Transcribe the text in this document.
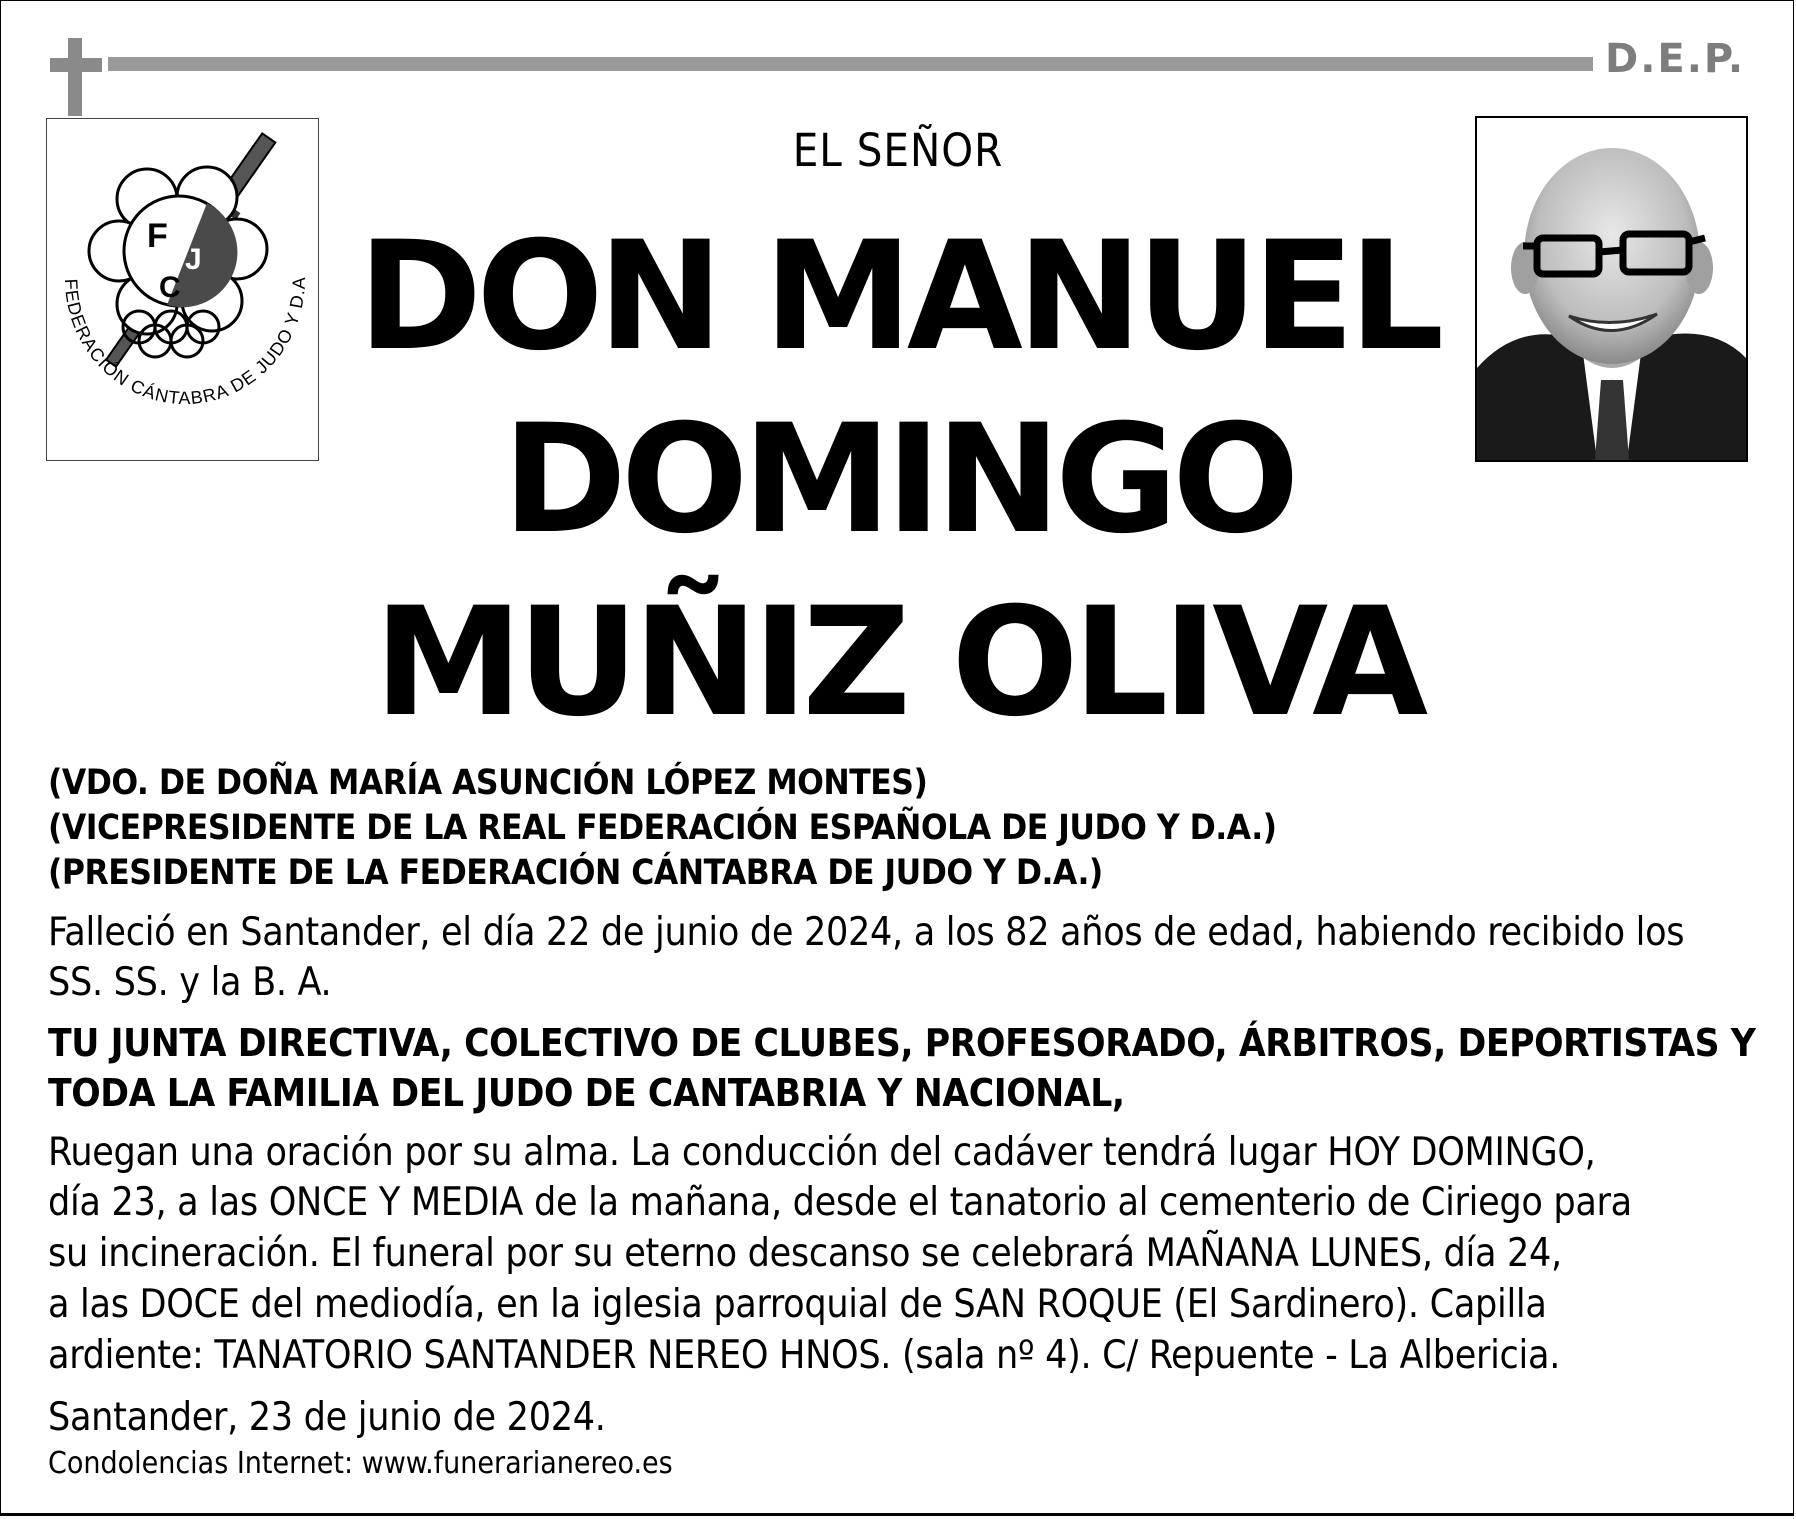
D.E.P.
F
J
C
FEDERACIÓN CÁNTABRA DE JUDO Y D.A
EL SEÑOR
DON MANUEL
DOMINGO
MUÑIZ OLIVA
(VDO. DE DOÑA MARÍA ASUNCIÓN LÓPEZ MONTES)
(VICEPRESIDENTE DE LA REAL FEDERACIÓN ESPAÑOLA DE JUDO Y D.A.)
(PRESIDENTE DE LA FEDERACIÓN CÁNTABRA DE JUDO Y D.A.)
Falleció en Santander, el día 22 de junio de 2024, a los 82 años de edad, habiendo recibido los
SS. SS. y la B. A.
TU JUNTA DIRECTIVA, COLECTIVO DE CLUBES, PROFESORADO, ÁRBITROS, DEPORTISTAS Y
TODA LA FAMILIA DEL JUDO DE CANTABRIA Y NACIONAL,
Ruegan una oración por su alma. La conducción del cadáver tendrá lugar HOY DOMINGO,
día 23, a las ONCE Y MEDIA de la mañana, desde el tanatorio al cementerio de Ciriego para
su incineración. El funeral por su eterno descanso se celebrará MAÑANA LUNES, día 24,
a las DOCE del mediodía, en la iglesia parroquial de SAN ROQUE (El Sardinero). Capilla
ardiente: TANATORIO SANTANDER NEREO HNOS. (sala nº 4). C/ Repuente - La Albericia.
Santander, 23 de junio de 2024.
Condolencias Internet: www.funerarianereo.es
